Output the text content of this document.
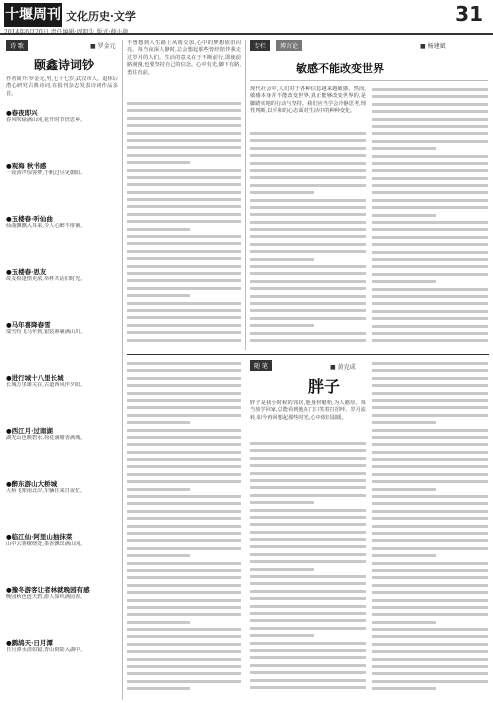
十堰周刊 文化历史·文学	31
诗 歌	■ 罗金元
颐鑫诗词钞
作者简介:罗金元,男,七十七岁,武汉市人。退休后潜心研究古典诗词,在报刊杂志发表诗词作品多首。
●春夜即兴
春风吹绿满山冈,花开时节倍思乡。
●观海 秋书感
一夜涛声惊客梦,千帆过尽见朝阳。
●玉楼春·听仙曲
仙曲飘飘入耳来,令人心醉不徘徊。
●玉楼春·思友
故友相逢情更浓,举杯共话旧时光。
●马年喜降春雪
瑞雪纷飞马年到,银装素裹满山川。
●进行城十八里长城
长城万里雄关在,古道西风伴夕阳。
●西江月·过南湖
湖光山色映碧水,荷花满塘香满城。
●醉东游山大桥城
大桥飞架南北岸,车辆往来日夜忙。
●临江仙·阿里山抽抹菜
山中云雾缭绕处,茶香飘出满山冈。
●豫冬游客让者林就晚园有感
晚园秋色连天碧,游人如织满园香。
●鹧鸪天·日月潭
日月潭水清如镜,青山倒影入湖中。
不曾想到人生路上风雨交加,心中的梦想依旧闪亮。每当夜深人静时,总会想起那些曾经陪伴我走过岁月的人们。生活的意义在于不断前行,即使前路漫漫,也要坚持自己的信念。心中有光,脚下有路,勇往直前。
专栏	博言论	■ 杨建斌
敏感不能改变世界
现代社会中,人们对于各种信息越来越敏感。然而,敏感本身并不能改变世界,真正能够改变世界的,是脚踏实地的行动与坚持。我们应当学会冷静思考,理性判断,以平和的心态面对生活中的种种变化。
随 笔	■ 黄克成
胖子
胖子是我小时候的邻居,他身材魁梧,为人憨厚。每当放学回家,总能看到他在门口笑着打招呼。岁月流转,如今再回想起那些时光,心中依旧温暖。
